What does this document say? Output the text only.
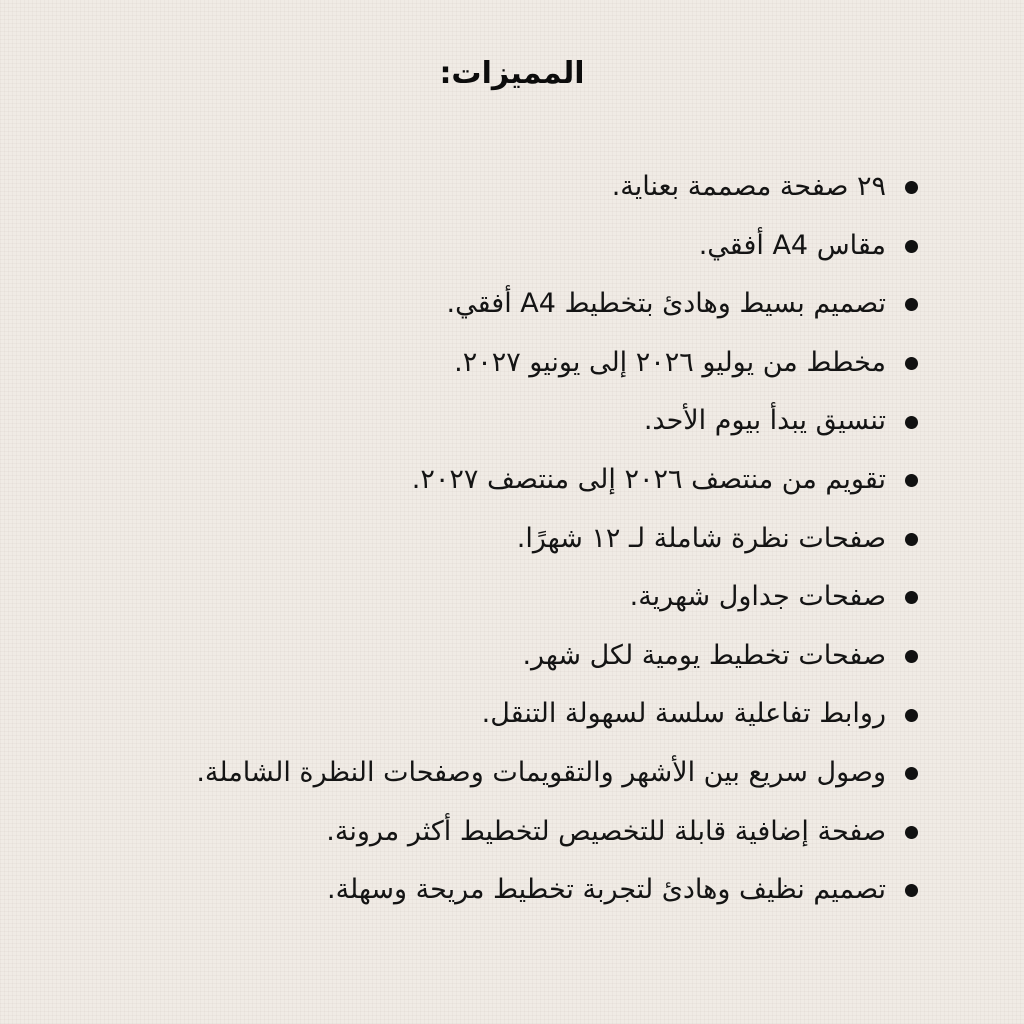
المميزات:
٢٩ صفحة مصممة بعناية.
مقاس A4 أفقي.
تصميم بسيط وهادئ بتخطيط A4 أفقي.
مخطط من يوليو ٢٠٢٦ إلى يونيو ٢٠٢٧.
تنسيق يبدأ بيوم الأحد.
تقويم من منتصف ٢٠٢٦ إلى منتصف ٢٠٢٧.
صفحات نظرة شاملة لـ ١٢ شهرًا.
صفحات جداول شهرية.
صفحات تخطيط يومية لكل شهر.
روابط تفاعلية سلسة لسهولة التنقل.
وصول سريع بين الأشهر والتقويمات وصفحات النظرة الشاملة.
صفحة إضافية قابلة للتخصيص لتخطيط أكثر مرونة.
تصميم نظيف وهادئ لتجربة تخطيط مريحة وسهلة.
